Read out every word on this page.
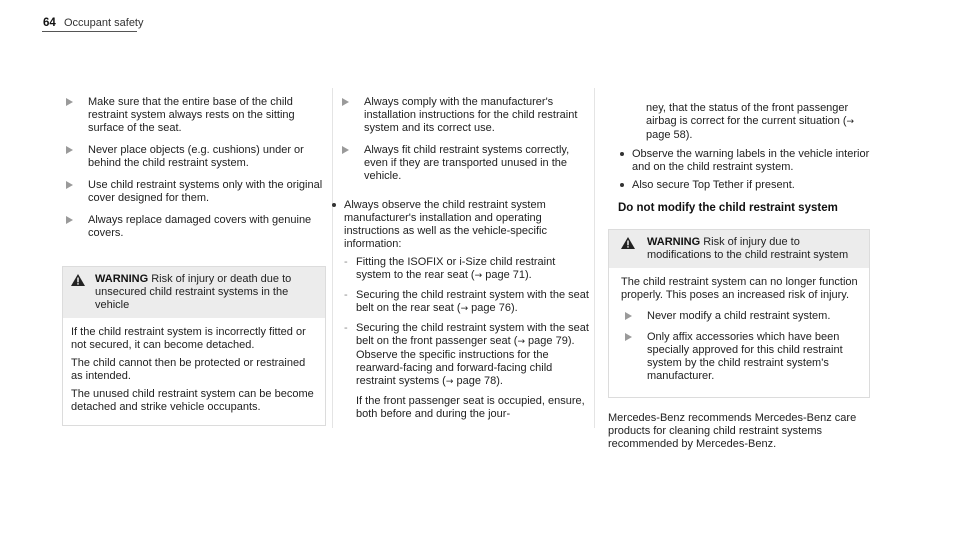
64 Occupant safety
Make sure that the entire base of the child restraint system always rests on the sitting surface of the seat.
Never place objects (e.g. cushions) under or behind the child restraint system.
Use child restraint systems only with the original cover designed for them.
Always replace damaged covers with genuine covers.
WARNING Risk of injury or death due to unsecured child restraint systems in the vehicle

If the child restraint system is incorrectly fitted or not secured, it can become detached.

The child cannot then be protected or restrained as intended.

The unused child restraint system can be become detached and strike vehicle occupants.

Always comply with the manufacturer's installation instructions for the child restraint system and its correct use.
Always fit child restraint systems correctly, even if they are transported unused in the vehicle.
Always observe the child restraint system manufacturer's installation and operating instructions as well as the vehicle-specific information:
- Fitting the ISOFIX or i-Size child restraint system to the rear seat (→ page 71).
- Securing the child restraint system with the seat belt on the rear seat (→ page 76).
- Securing the child restraint system with the seat belt on the front passenger seat (→ page 79). Observe the specific instructions for the rearward-facing and forward-facing child restraint systems (→ page 78).
If the front passenger seat is occupied, ensure, both before and during the jour-
ney, that the status of the front passenger airbag is correct for the current situation (→ page 58).
Observe the warning labels in the vehicle interior and on the child restraint system.
Also secure Top Tether if present.
Do not modify the child restraint system
WARNING Risk of injury due to modifications to the child restraint system

The child restraint system can no longer function properly. This poses an increased risk of injury.

Never modify a child restraint system.
Only affix accessories which have been specially approved for this child restraint system by the child restraint system's manufacturer.
Mercedes-Benz recommends Mercedes-Benz care products for cleaning child restraint systems recommended by Mercedes-Benz.
